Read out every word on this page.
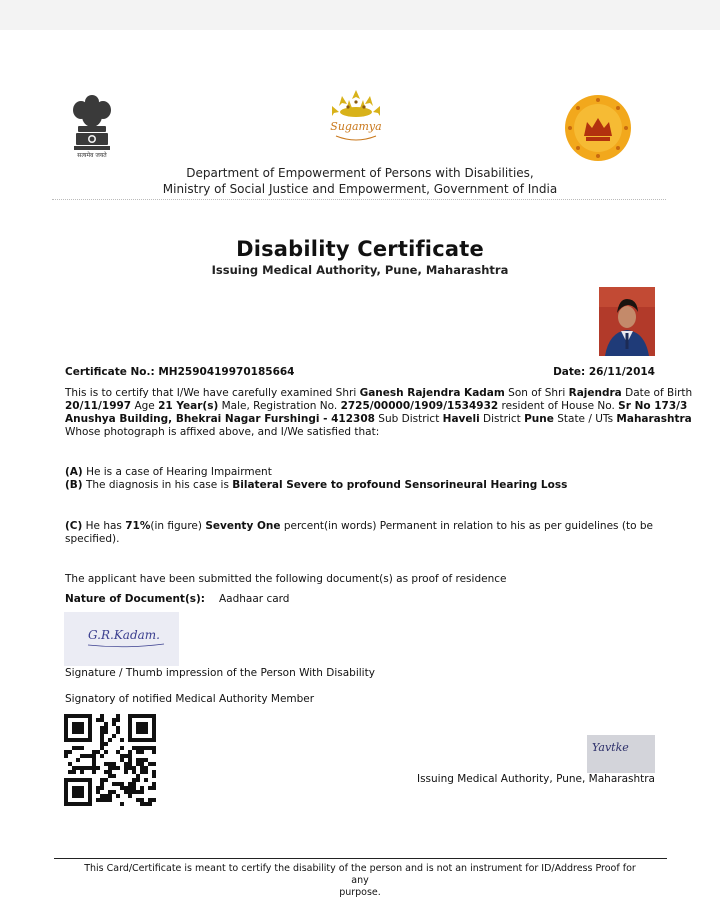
सत्यमेव जयते
Sugamya
Department of Empowerment of Persons with Disabilities,
Ministry of Social Justice and Empowerment, Government of India
Disability Certificate
Issuing Medical Authority, Pune, Maharashtra
Certificate No.: MH2590419970185664	Date: 26/11/2014
This is to certify that I/We have carefully examined Shri Ganesh Rajendra Kadam Son of Shri Rajendra Date of Birth
20/11/1997 Age 21 Year(s) Male, Registration No. 2725/00000/1909/1534932 resident of House No. Sr No 173/3
Anushya Building, Bhekrai Nagar Furshingi - 412308 Sub District Haveli District Pune State / UTs Maharashtra
Whose photograph is affixed above, and I/We satisfied that:
(A) He is a case of Hearing Impairment
(B) The diagnosis in his case is Bilateral Severe to profound Sensorineural Hearing Loss
(C) He has 71%(in figure) Seventy One percent(in words) Permanent in relation to his as per guidelines (to be
specified).
The applicant have been submitted the following document(s) as proof of residence
Nature of Document(s): Aadhaar card
G.R.Kadam.
Signature / Thumb impression of the Person With Disability
Signatory of notified Medical Authority Member
Yavtke
Issuing Medical Authority, Pune, Maharashtra
This Card/Certificate is meant to certify the disability of the person and is not an instrument for ID/Address Proof for any
purpose.
